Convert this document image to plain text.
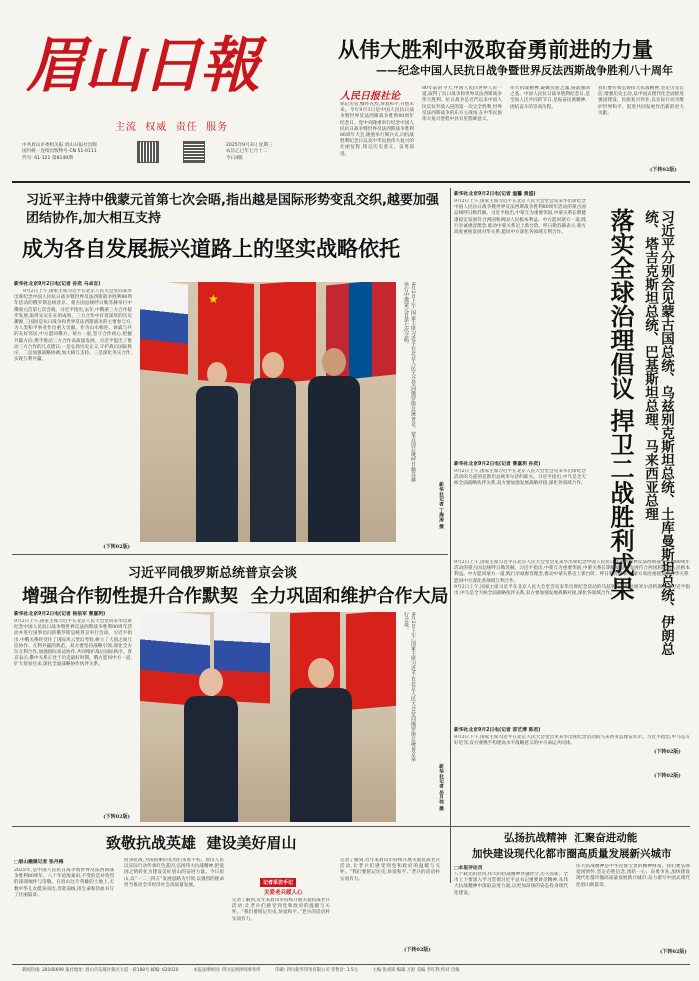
眉山日報
主流  权威  责任  服务
中共眉山市委机关报 眉山日报社出版
国内统一连续出版物号 CN 51-0111
代号: 61-121 第8149期
2025年9月3日 星期三
农历乙巳年七月十二
今日4版
从伟大胜利中汲取奋勇前进的力量
——纪念中国人民抗日战争暨世界反法西斯战争胜利八十周年
人民日报社论
铭记历史,缅怀先烈,珍爱和平,开创未来。今年9月3日是中国人民抗日战争暨世界反法西斯战争胜利80周年纪念日。党中央隆重举行纪念中国人民抗日战争暨世界反法西斯战争胜利80周年大会,隆重举行阅兵式,向抗战胜利纪念日以及中华民族伟大复兴的壮丽征程,铭记历史意义、奋勇前进。
80年前的今天,中国人民同世界人民一道,取得了抗日战争和世界反法西斯战争伟大胜利。抗日战争是近代以来中国人民反抗外敌入侵的第一次完全胜利,世界反法西斯战争的东方主战场,在中华民族伟大复兴进程中具有里程碑意义。
伟大抗战精神,凝聚民族之魂,铸就强国之基。中国人民抗日战争胜利纪念日,是全国人民共同的节日,是振奋民族精神、团结奋斗的崇高历程。
我们要传承弘扬伟大抗战精神,坚定历史自信,增强历史主动,以中国式现代化全面推进强国建设、民族复兴伟业,以实际行动为维护世界和平、促进共同发展作出新的更大贡献。
(下转02版)
习近平主持中俄蒙元首第七次会晤,指出越是国际形势变乱交织,越要加强团结协作,加大相互支持
成为各自发展振兴道路上的坚实战略依托
新华社北京9月2日电(记者 孙奕 马卓言)
9月2日上午,国家主席习近平在北京人民大会堂同来华出席纪念中国人民抗日战争暨世界反法西斯战争胜利80周年活动的俄罗斯总统普京、蒙古国总统呼日勒苏赫举行中俄蒙元首第七次会晤。习近平指出,去年,中俄蒙三方合作稳步发展,取得实实在在的成果。三方合作中有着深厚的历史渊源,三国同是抗日战争和世界反法西斯战争的主要参与方,为人类和平事业作出重大贡献。作为山水相连、休戚与共的友好邻居,中方愿同俄方、蒙方一道,坚守合作初心,把握共赢方向,携手推动三方合作高质量发展。习近平提出了推动三方合作的几点建议:一是弘扬历史正义,守护战后国际秩序。二是加强战略协调,加大相互支持。三是深化务实合作,实现互利共赢。
(下转02版)
★	9月2日上午,国家主席习近平在北京人民大会堂同俄罗斯总统普京、蒙古国总统呼日勒苏赫举行中俄蒙元首第七次会晤。
新华社记者 丁海涛 摄
习近平同俄罗斯总统普京会谈
增强合作韧性提升合作默契  全力巩固和维护合作大局
新华社北京9月2日电(记者 杨依军 曹嘉玥)
9月2日上午,国家主席习近平在北京人民大会堂同来华出席纪念中国人民抗日战争暨世界反法西斯战争胜利80周年活动并进行国事访问的俄罗斯总统普京举行会谈。习近平指出,中俄关系经受住了国际风云变幻考验,树立了大国之间互信协作、互利共赢的典范。双方要坚持战略引领,深化全方位互利合作,加强国际多边协作,共同维护战后国际秩序。普京表示,俄中关系正处于历史最好时期。俄方愿同中方一道,扩大贸易往来,深化全面战略协作伙伴关系。
(下转02版)
9月2日上午,国家主席习近平在北京人民大会堂同俄罗斯总统普京举行会谈。
新华社记者 岳月伟 摄
新华社北京9月2日电(记者 温馨 黄盛)
9月2日上午,国家主席习近平在北京人民大会堂会见来华出席纪念中国人民抗日战争暨世界反法西斯战争胜利80周年活动的蒙古国总统呼日勒苏赫。习近平指出,中蒙互为重要邻国,中蒙关系长期健康稳定发展符合两国和两国人民根本利益。中方愿同蒙方一道,践行亲诚惠容理念,推动中蒙关系迈上新台阶。呼日勒苏赫表示,蒙方高度重视发展对华关系,愿同中方深化各领域互利合作。	落实全球治理倡议 捍卫二战胜利成果	习近平分别会见蒙古国总统、乌兹别克斯坦总统、土库曼斯坦总统、伊朗总统、塔吉克斯坦总统、巴基斯坦总理、马来西亚总理
新华社北京9月2日电(记者 曹嘉玥 孙奕)
9月2日上午,国家主席习近平在北京人民大会堂会见来华出席纪念活动的乌兹别克斯坦总统米尔济约耶夫。习近平指出,中乌是全天候全面战略伙伴关系,双方要加强发展战略对接,深化各领域合作。
9月2日上午,国家主席习近平在北京人民大会堂会见来华出席纪念中国人民抗日战争暨世界反法西斯战争胜利80周年活动的蒙古国总统呼日勒苏赫。习近平指出,中蒙互为重要邻国,中蒙关系长期健康稳定发展符合两国和两国人民根本利益。中方愿同蒙方一道,践行亲诚惠容理念,推动中蒙关系迈上新台阶。呼日勒苏赫表示,蒙方高度重视发展对华关系,愿同中方深化各领域互利合作。
9月2日上午,国家主席习近平在北京人民大会堂会见来华出席纪念活动的乌兹别克斯坦总统米尔济约耶夫。习近平指出,中乌是全天候全面战略伙伴关系,双方要加强发展战略对接,深化各领域合作。
(下转02版)
新华社北京9月2日电(记者 邵艺博 陈君)
9月2日下午,国家主席习近平在北京人民大会堂会见来华出席纪念活动的马来西亚总理安瓦尔。习近平指出,中马是友好近邻,双方要携手构建高水平战略意义的中马命运共同体。
(下转02版)
致敬抗战英雄  建设美好眉山
□眉山融媒记者 张丹梅
2025年,是中国人民抗日战争暨世界反法西斯战争胜利80周年。八十年沧海桑田,不变的是对英烈的深深缅怀与崇敬。在眉山这片英雄的土地上,无数中华儿女挺身而出,奔赴前线,用生命和热血书写了壮丽篇章。
投身抗战,为国捐躯的先烈们永垂不朽。眉山人民以实际行动传承红色基因,弘扬伟大抗战精神,把爱国之情转化为建设美好眉山的奋进力量。今日眉山,以“一二三四五”发展思路为引领,以强烈的使命担当推动全市经济社会高质量发展。	记者采访手记
关爱老兵暖人心
记者了解到,近年来眉山市持续开展关爱抗战老兵活动,让老兵们感受到党和政府的温暖与关怀。“我们要铭记历史,珍爱和平。”老兵的话语朴实而有力。
记者了解到,近年来眉山市持续开展关爱抗战老兵活动,让老兵们感受到党和政府的温暖与关怀。“我们要铭记历史,珍爱和平。”老兵的话语朴实而有力。
(下转02版)
弘扬抗战精神  汇聚奋进动能
加快建设现代化都市圈高质量发展新兴城市
□本报评论员
八十载光阴荏苒,伟大的抗战精神穿越时空,历久弥新。全市上下要深入学习贯彻习近平总书记重要讲话精神,从伟大抗战精神中汲取奋进力量,以更加昂扬的姿态投身现代化建设。
伟大抗战精神是中华民族宝贵的精神财富。我们要弘扬爱国情怀,坚定必胜信念,团结一心、奋勇争先,加快建设现代化都市圈高质量发展新兴城市,奋力谱写中国式现代化眉山新篇章。
(下转02版)
新闻热线: 28166699 报社地址: 眉山市东坡区新区大道一段188号 邮编: 620020	本报法律顾问: 四川法奥律师事务所	印刷: 四川新华印务有限公司 零售价: 1.5元	主编 张成锋 编辑 万舒 美编 李红利 校对 肖梅
